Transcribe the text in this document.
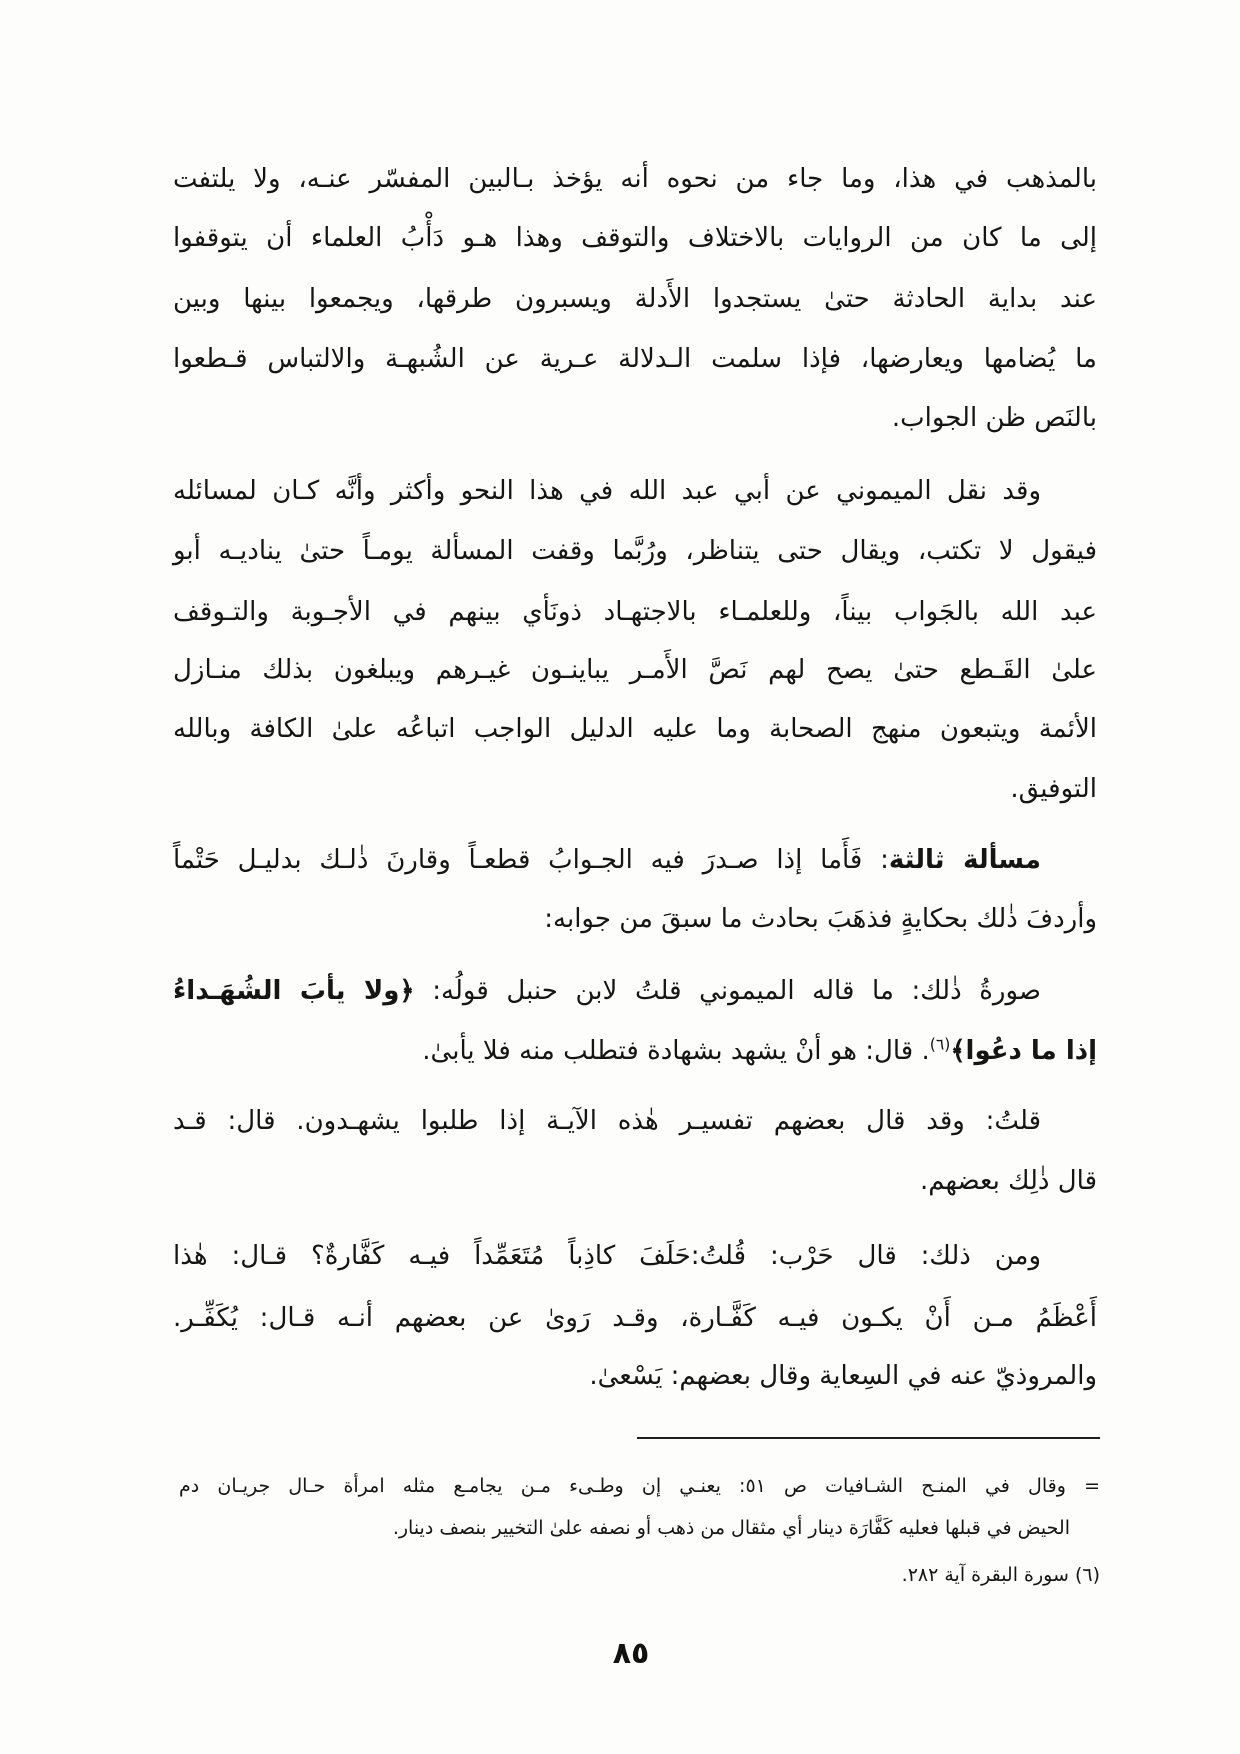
بالمذهب في هذا، وما جاء من نحوه أنه يؤخذ بـالبين المفسّر عنـه، ولا يلتفت
إلى ما كان من الروايات بالاختلاف والتوقف وهذا هـو دَأْبُ العلماء أن يتوقفوا
عند بداية الحادثة حتىٰ يستجدوا الأَدلة ويسبرون طرقها، ويجمعوا بينها وبين
ما يُضامها ويعارضها، فإذا سلمت الـدلالة عـرية عن الشُبهـة والالتباس قـطعوا
بالنَص ظن الجواب.
وقد نقل الميموني عن أبي عبد الله في هذا النحو وأكثر وأنَّه كـان لمسائله
فيقول لا تكتب، ويقال حتى يتناظر، ورُبَّما وقفت المسألة يومـاً حتىٰ يناديـه أبو
عبد الله بالجَواب بيناً، وللعلمـاء بالاجتهـاد ذونَأي بينهم في الأجـوبة والتـوقف
علىٰ القَـطع حتىٰ يصح لهم نَصَّ الأَمـر يباينـون غيـرهم ويبلغون بذلك منـازل
الأئمة ويتبعون منهج الصحابة وما عليه الدليل الواجب اتباعُه علىٰ الكافة وبالله
التوفيق.
مسألة ثالثة: فَأَما إذا صـدرَ فيه الجـوابُ قطعـاً وقارنَ ذٰلـك بدليـل حَتْماً
وأردفَ ذٰلك بحكايةٍ فذهَبَ بحادث ما سبقَ من جوابه:
صورةُ ذٰلك: ما قاله الميموني قلتُ لابن حنبل قولُه: ﴿ولا يأبَ الشُهَـداءُ
إذا ما دعُوا﴾$^{(٦)}$. قال: هو أنْ يشهد بشهادة فتطلب منه فلا يأبىٰ.
قلتُ: وقد قال بعضهم تفسيـر هٰذه الآيـة إذا طلبوا يشهـدون. قال: قـد
قال ذٰلِك بعضهم.
ومن ذلك: قال حَرْب: قُلتُ:حَلَفَ كاذِباً مُتَعَمِّداً فيـه كَفَّارةٌ؟ قـال: هٰذا
أَعْظَمُ مـن أَنْ يكـون فيـه كَفَّـارة، وقـد رَوىٰ عن بعضهم أنـه قـال: يُكَفِّـر.
والمروذيّ عنه في السِعاية وقال بعضهم: يَسْعىٰ.
= وقال في المنـح الشـافيات ص ٥١: يعنـي إن وطـىء مـن يجامـع مثله امرأة حـال جريـان دم
الحيض في قبلها فعليه كَفَّارَة دينار أي مثقال من ذهب أو نصفه علىٰ التخيير بنصف دينار.
(٦) سورة البقرة آية ٢٨٢.
٨٥
